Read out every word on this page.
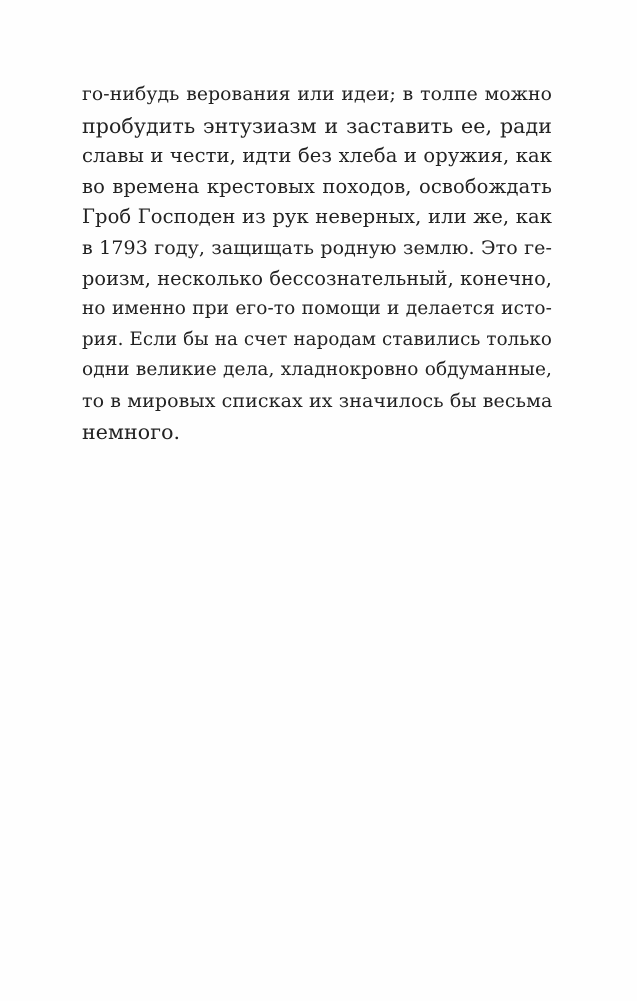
го-нибудь верования или идеи; в толпе можно
пробудить энтузиазм и заставить ее, ради
славы и чести, идти без хлеба и оружия, как
во времена крестовых походов, освобождать
Гроб Господен из рук неверных, или же, как
в 1793 году, защищать родную землю. Это ге-
роизм, несколько бессознательный, конечно,
но именно при его-то помощи и делается исто-
рия. Если бы на счет народам ставились только
одни великие дела, хладнокровно обдуманные,
то в мировых списках их значилось бы весьма
немного.
